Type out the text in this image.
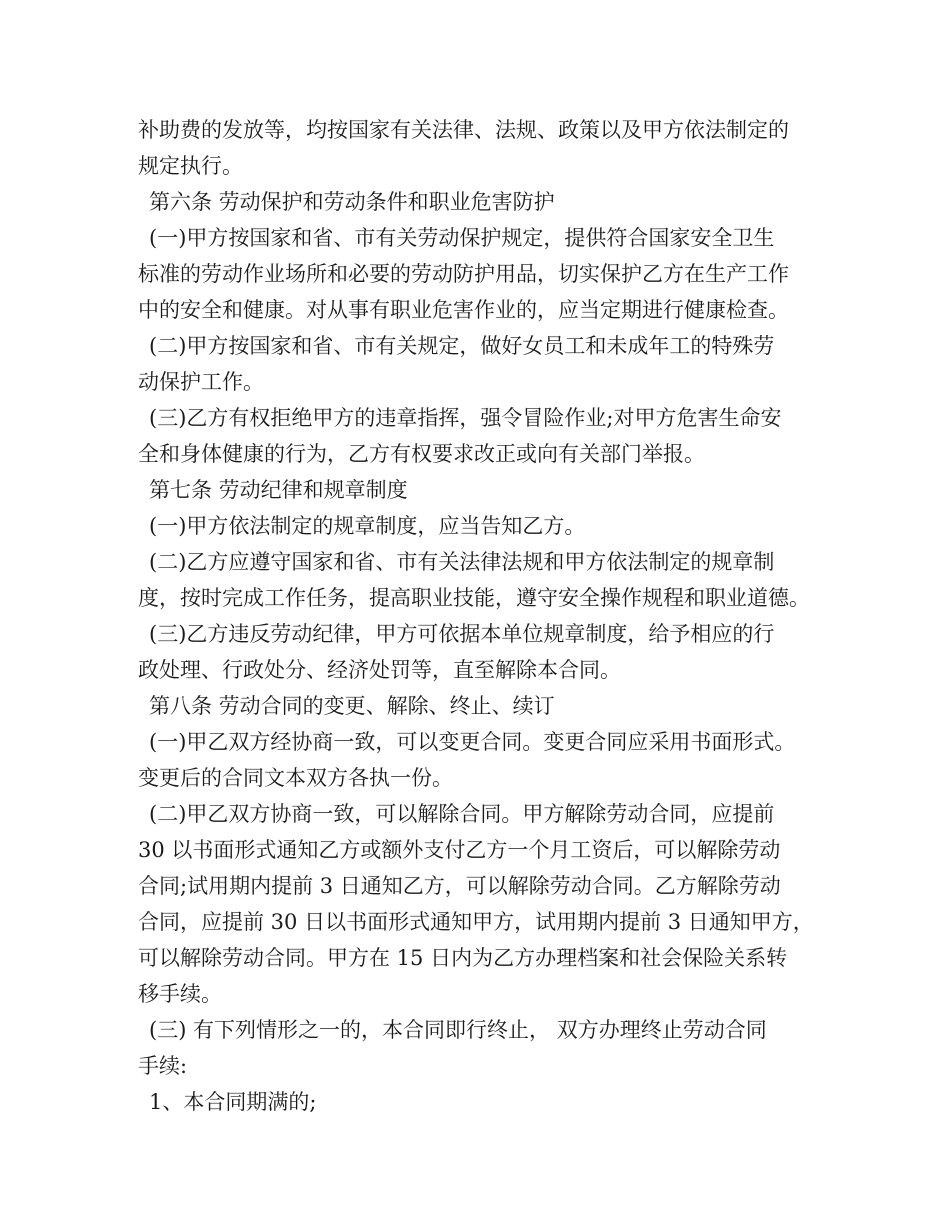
补助费的发放等，均按国家有关法律、法规、政策以及甲方依法制定的
规定执行。
第六条 劳动保护和劳动条件和职业危害防护
(一)甲方按国家和省、市有关劳动保护规定，提供符合国家安全卫生
标准的劳动作业场所和必要的劳动防护用品，切实保护乙方在生产工作
中的安全和健康。对从事有职业危害作业的，应当定期进行健康检查。
(二)甲方按国家和省、市有关规定，做好女员工和未成年工的特殊劳
动保护工作。
(三)乙方有权拒绝甲方的违章指挥，强令冒险作业;对甲方危害生命安
全和身体健康的行为，乙方有权要求改正或向有关部门举报。
第七条 劳动纪律和规章制度
(一)甲方依法制定的规章制度，应当告知乙方。
(二)乙方应遵守国家和省、市有关法律法规和甲方依法制定的规章制
度，按时完成工作任务，提高职业技能，遵守安全操作规程和职业道德。
(三)乙方违反劳动纪律，甲方可依据本单位规章制度，给予相应的行
政处理、行政处分、经济处罚等，直至解除本合同。
第八条 劳动合同的变更、解除、终止、续订
(一)甲乙双方经协商一致，可以变更合同。变更合同应采用书面形式。
变更后的合同文本双方各执一份。
(二)甲乙双方协商一致，可以解除合同。甲方解除劳动合同，应提前
30 以书面形式通知乙方或额外支付乙方一个月工资后，可以解除劳动
合同;试用期内提前 3 日通知乙方，可以解除劳动合同。乙方解除劳动
合同，应提前 30 日以书面形式通知甲方，试用期内提前 3 日通知甲方，
可以解除劳动合同。甲方在 15 日内为乙方办理档案和社会保险关系转
移手续。
(三) 有下列情形之一的，本合同即行终止， 双方办理终止劳动合同
手续:
1、本合同期满的;
